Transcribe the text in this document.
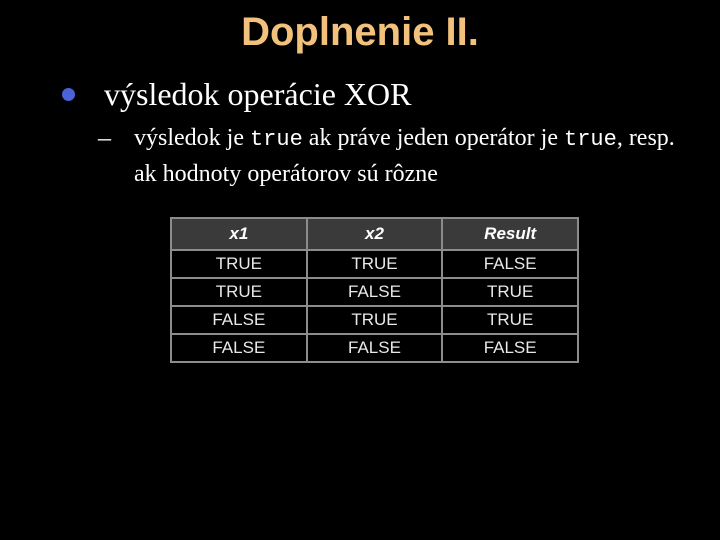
Doplnenie II.
výsledok operácie XOR
– výsledok je true ak práve jeden operátor je true, resp. ak hodnoty operátorov sú rôzne
x1	x2	Result
TRUE	TRUE	FALSE
TRUE	FALSE	TRUE
FALSE	TRUE	TRUE
FALSE	FALSE	FALSE
